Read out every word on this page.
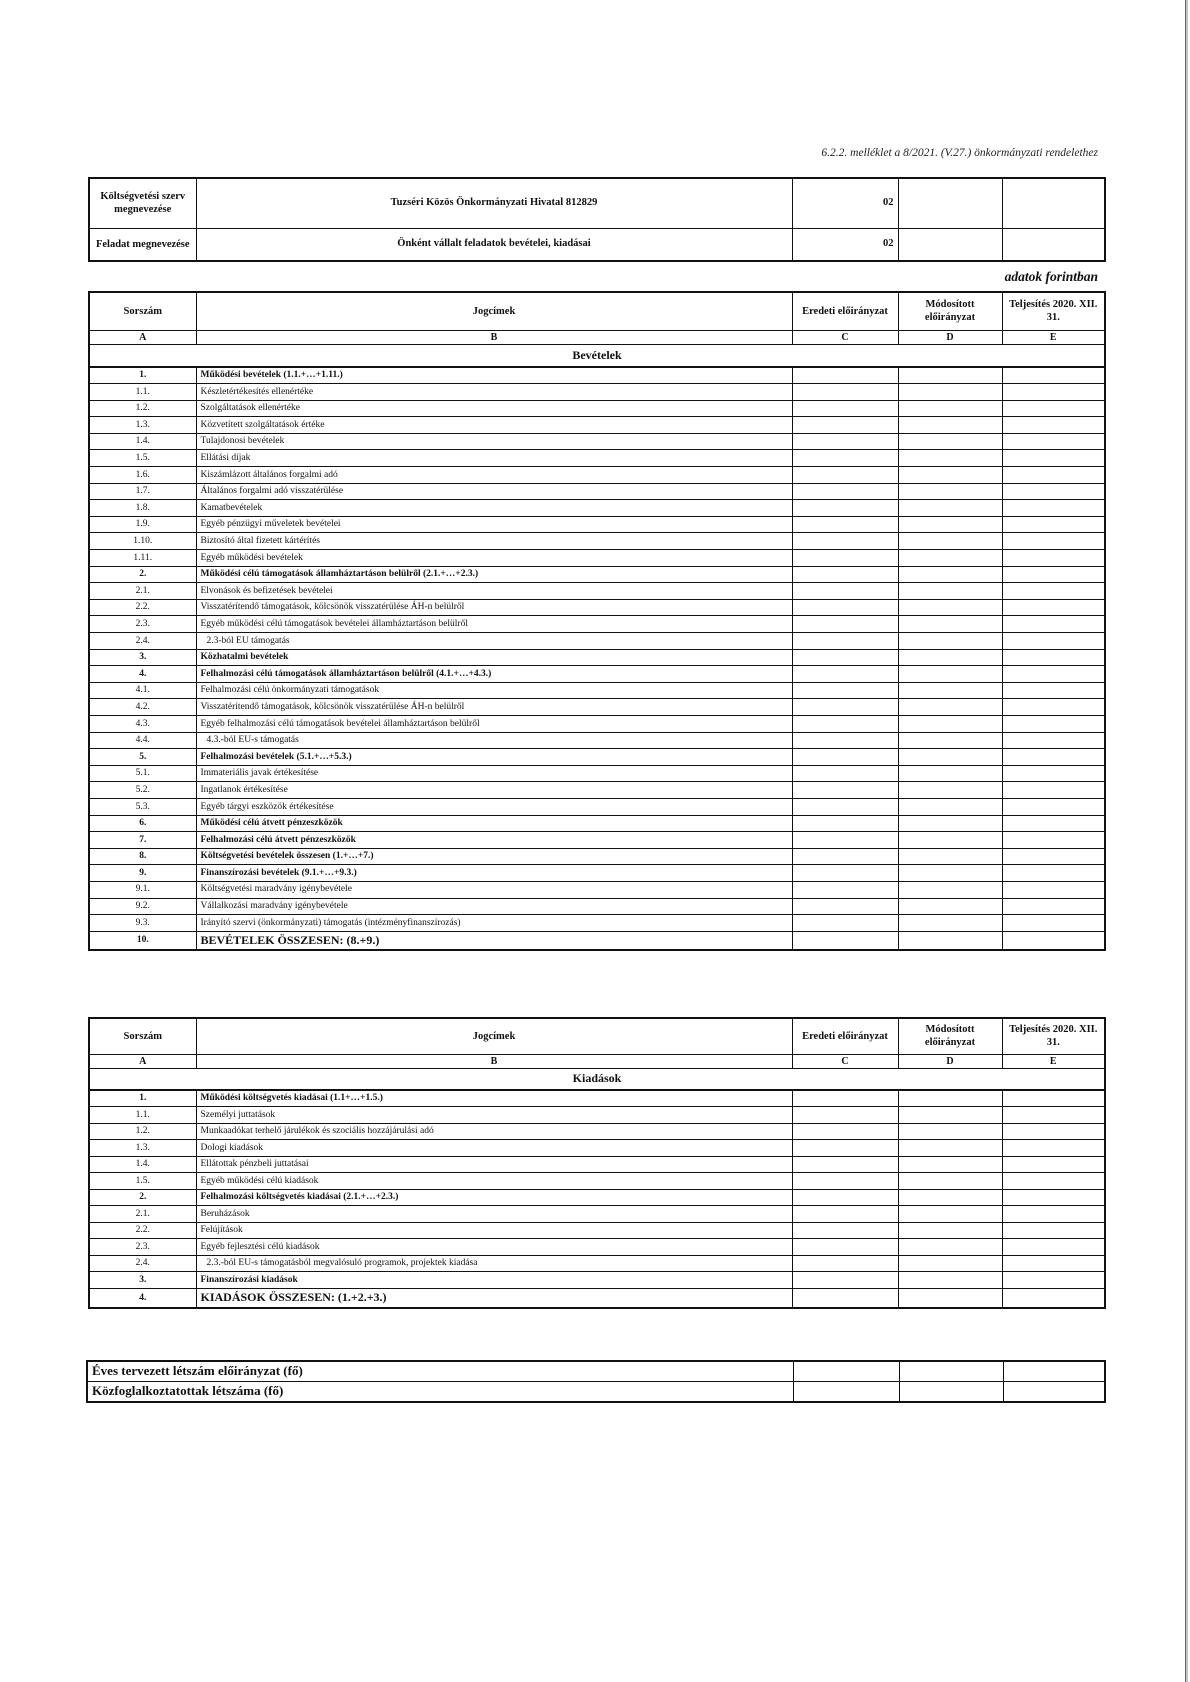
6.2.2. melléklet a 8/2021. (V.27.) önkormányzati rendelethez
Költségvetési szerv megnevezése	Tuzséri Közös Önkormányzati Hivatal 812829	02		
Feladat megnevezése	Önként vállalt feladatok bevételei, kiadásai	02		
adatok forintban
Sorszám	Jogcímek	Eredeti előirányzat	Módosított előirányzat	Teljesítés 2020. XII. 31.
A	B	C	D	E
Bevételek				
1.	Működési bevételek (1.1.+…+1.11.)			
1.1.	Készletértékesítés ellenértéke			
1.2.	Szolgáltatások ellenértéke			
1.3.	Közvetített szolgáltatások értéke			
1.4.	Tulajdonosi bevételek			
1.5.	Ellátási díjak			
1.6.	Kiszámlázott általános forgalmi adó			
1.7.	Általános forgalmi adó visszatérülése			
1.8.	Kamatbevételek			
1.9.	Egyéb pénzügyi műveletek bevételei			
1.10.	Biztosító által fizetett kártérítés			
1.11.	Egyéb működési bevételek			
2.	Működési célú támogatások államháztartáson belülről (2.1.+…+2.3.)			
2.1.	Elvonások és befizetések bevételei			
2.2.	Visszatérítendő támogatások, kölcsönök visszatérülése ÁH-n belülről			
2.3.	Egyéb működési célú támogatások bevételei államháztartáson belülről			
2.4.	2.3-ból EU támogatás			
3.	Közhatalmi bevételek			
4.	Felhalmozási célú támogatások államháztartáson belülről (4.1.+…+4.3.)			
4.1.	Felhalmozási célú önkormányzati támogatások			
4.2.	Visszatérítendő támogatások, kölcsönök visszatérülése ÁH-n belülről			
4.3.	Egyéb felhalmozási célú támogatások bevételei államháztartáson belülről			
4.4.	4.3.-ból EU-s támogatás			
5.	Felhalmozási bevételek (5.1.+…+5.3.)			
5.1.	Immateriális javak értékesítése			
5.2.	Ingatlanok értékesítése			
5.3.	Egyéb tárgyi eszközök értékesítése			
6.	Működési célú átvett pénzeszközök			
7.	Felhalmozási célú átvett pénzeszközök			
8.	Költségvetési bevételek összesen (1.+…+7.)			
9.	Finanszírozási bevételek (9.1.+…+9.3.)			
9.1.	Költségvetési maradvány igénybevétele			
9.2.	Vállalkozási maradvány igénybevétele			
9.3.	Irányító szervi (önkormányzati) támogatás (intézményfinanszírozás)			
10.	BEVÉTELEK ÖSSZESEN: (8.+9.)			
Sorszám	Jogcímek	Eredeti előirányzat	Módosított előirányzat	Teljesítés 2020. XII. 31.
A	B	C	D	E
Kiadások				
1.	Működési költségvetés kiadásai (1.1+…+1.5.)			
1.1.	Személyi juttatások			
1.2.	Munkaadókat terhelő járulékok és szociális hozzájárulási adó			
1.3.	Dologi kiadások			
1.4.	Ellátottak pénzbeli juttatásai			
1.5.	Egyéb működési célú kiadások			
2.	Felhalmozási költségvetés kiadásai (2.1.+…+2.3.)			
2.1.	Beruházások			
2.2.	Felújítások			
2.3.	Egyéb fejlesztési célú kiadások			
2.4.	2.3.-ból EU-s támogatásból megvalósuló programok, projektek kiadása			
3.	Finanszírozási kiadások			
4.	KIADÁSOK ÖSSZESEN: (1.+2.+3.)			
Éves tervezett létszám előirányzat (fő)			
Közfoglalkoztatottak létszáma (fő)			
